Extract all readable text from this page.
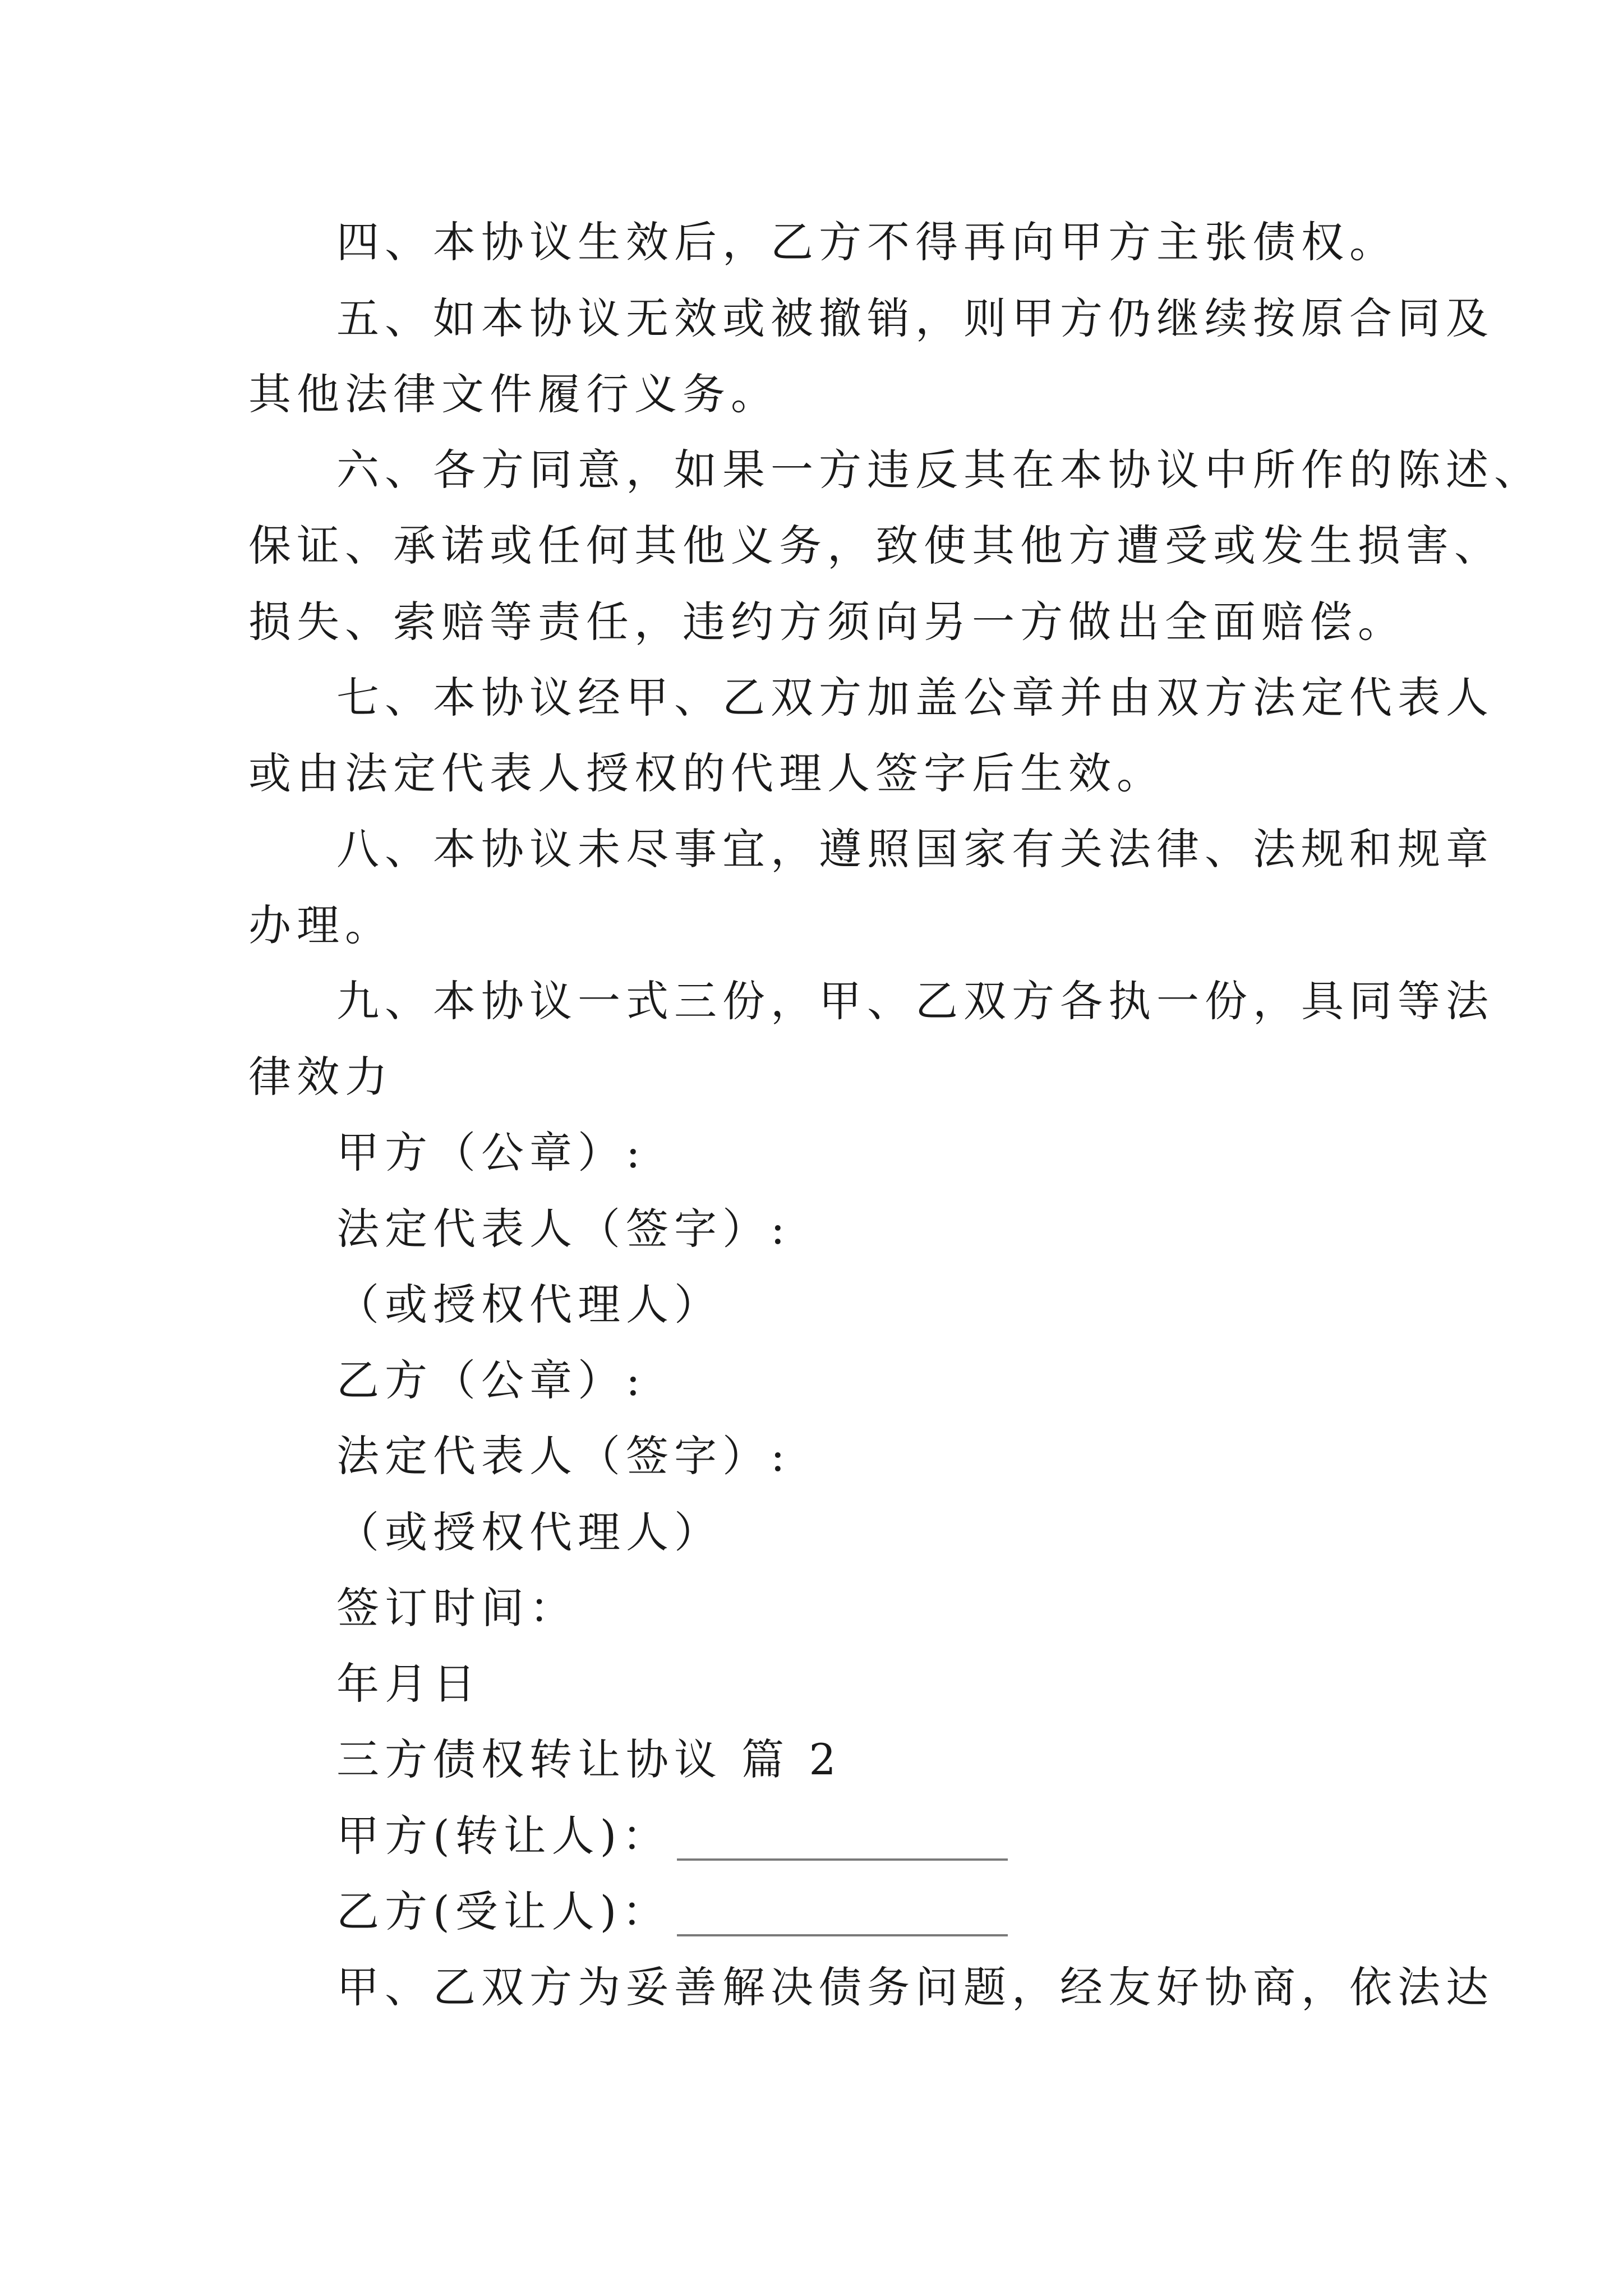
四、本协议生效后，乙方不得再向甲方主张债权。
五、如本协议无效或被撤销，则甲方仍继续按原合同及
其他法律文件履行义务。
六、各方同意，如果一方违反其在本协议中所作的陈述、
保证、承诺或任何其他义务，致使其他方遭受或发生损害、
损失、索赔等责任，违约方须向另一方做出全面赔偿。
七、本协议经甲、乙双方加盖公章并由双方法定代表人
或由法定代表人授权的代理人签字后生效。
八、本协议未尽事宜，遵照国家有关法律、法规和规章
办理。
九、本协议一式三份，甲、乙双方各执一份，具同等法
律效力
甲方（公章）:
法定代表人（签字）:
（或授权代理人）
乙方（公章）:
法定代表人（签字）:
（或授权代理人）
签订时间：
年月日
三方债权转让协议 篇 2
甲方(转让人)：
乙方(受让人)：
甲、乙双方为妥善解决债务问题，经友好协商，依法达
